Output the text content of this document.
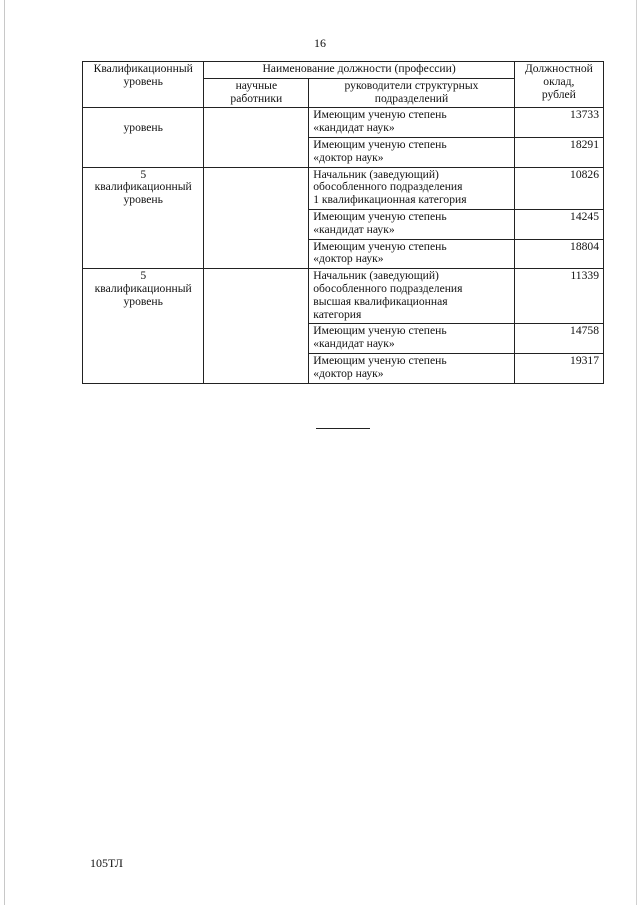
16
Квалификационный
уровень	Наименование должности (профессии)		Должностной
оклад,
рублей

	научные
работники	руководители структурных
подразделений	

уровень		Имеющим ученую степень
«кандидат наук»	13733

		Имеющим ученую степень
«доктор наук»	18291

5
квалификационный
уровень		Начальник (заведующий)
обособленного подразделения
1 квалификационная категория	10826

		Имеющим ученую степень
«кандидат наук»	14245

		Имеющим ученую степень
«доктор наук»	18804

5
квалификационный
уровень		Начальник (заведующий)
обособленного подразделения
высшая квалификационная
категория	11339

		Имеющим ученую степень
«кандидат наук»	14758

		Имеющим ученую степень
«доктор наук»	19317
105ТЛ
